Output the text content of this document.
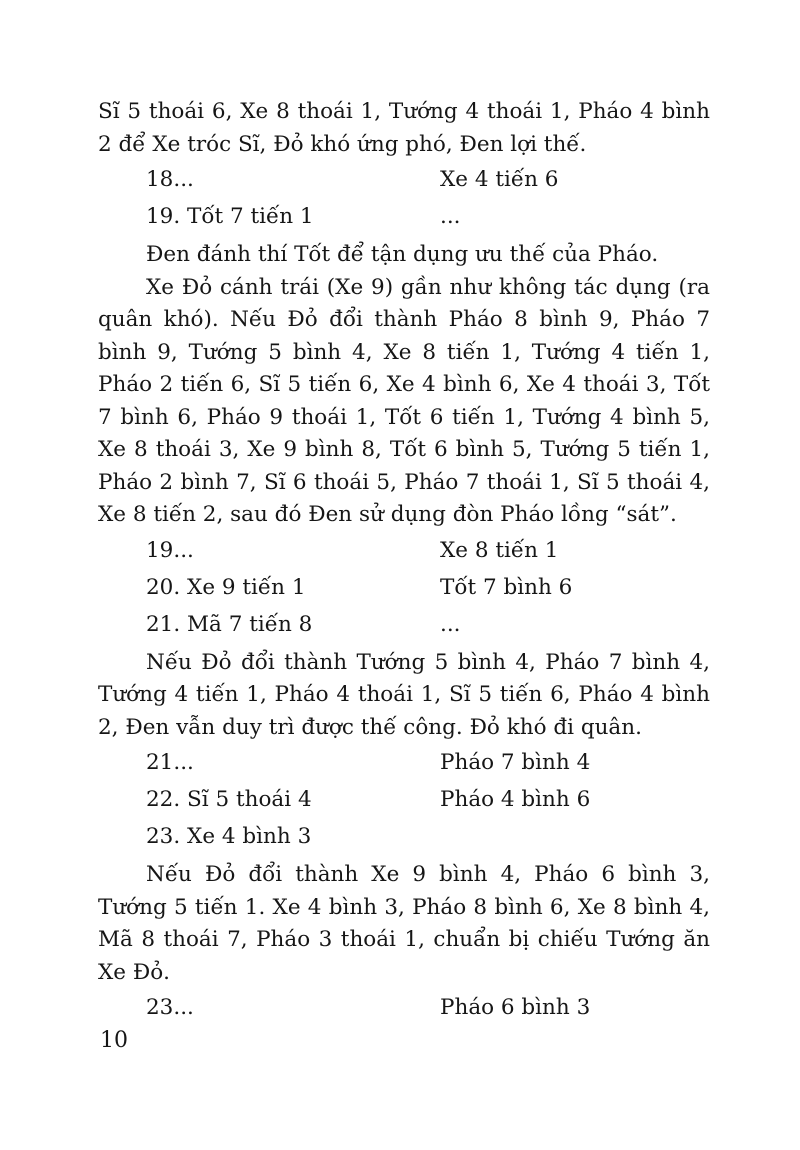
Sĩ 5 thoái 6, Xe 8 thoái 1, Tướng 4 thoái 1, Pháo 4 bình 2 để Xe tróc Sĩ, Đỏ khó ứng phó, Đen lợi thế.

18...	Xe 4 tiến 6
19. Tốt 7 tiến 1	...

Đen đánh thí Tốt để tận dụng ưu thế của Pháo.

Xe Đỏ cánh trái (Xe 9) gần như không tác dụng (ra quân khó). Nếu Đỏ đổi thành Pháo 8 bình 9, Pháo 7 bình 9, Tướng 5 bình 4, Xe 8 tiến 1, Tướng 4 tiến 1, Pháo 2 tiến 6, Sĩ 5 tiến 6, Xe 4 bình 6, Xe 4 thoái 3, Tốt 7 bình 6, Pháo 9 thoái 1, Tốt 6 tiến 1, Tướng 4 bình 5, Xe 8 thoái 3, Xe 9 bình 8, Tốt 6 bình 5, Tướng 5 tiến 1, Pháo 2 bình 7, Sĩ 6 thoái 5, Pháo 7 thoái 1, Sĩ 5 thoái 4, Xe 8 tiến 2, sau đó Đen sử dụng đòn Pháo lồng “sát”.

19...	Xe 8 tiến 1
20. Xe 9 tiến 1	Tốt 7 bình 6
21. Mã 7 tiến 8	...

Nếu Đỏ đổi thành Tướng 5 bình 4, Pháo 7 bình 4, Tướng 4 tiến 1, Pháo 4 thoái 1, Sĩ 5 tiến 6, Pháo 4 bình 2, Đen vẫn duy trì được thế công. Đỏ khó đi quân.

21...	Pháo 7 bình 4
22. Sĩ 5 thoái 4	Pháo 4 bình 6
23. Xe 4 bình 3

Nếu Đỏ đổi thành Xe 9 bình 4, Pháo 6 bình 3, Tướng 5 tiến 1. Xe 4 bình 3, Pháo 8 bình 6, Xe 8 bình 4, Mã 8 thoái 7, Pháo 3 thoái 1, chuẩn bị chiếu Tướng ăn Xe Đỏ.

23...	Pháo 6 bình 3
10
